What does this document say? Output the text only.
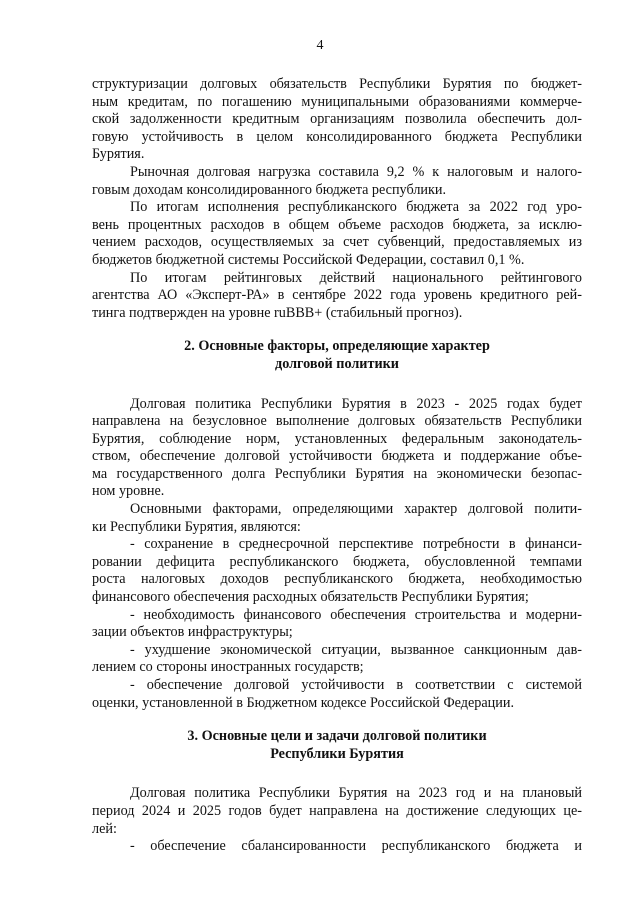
4
структуризации долговых обязательств Республики Бурятия по бюджет-
ным кредитам, по погашению муниципальными образованиями коммерче-
ской задолженности кредитным организациям позволила обеспечить дол-
говую устойчивость в целом консолидированного бюджета Республики
Бурятия.
Рыночная долговая нагрузка составила 9,2 % к налоговым и налого-
говым доходам консолидированного бюджета республики.
По итогам исполнения республиканского бюджета за 2022 год уро-
вень процентных расходов в общем объеме расходов бюджета, за исклю-
чением расходов, осуществляемых за счет субвенций, предоставляемых из
бюджетов бюджетной системы Российской Федерации, составил 0,1 %.
По итогам рейтинговых действий национального рейтингового
агентства АО «Эксперт-РА» в сентябре 2022 года уровень кредитного рей-
тинга подтвержден на уровне ruBBB+ (стабильный прогноз).
2. Основные факторы, определяющие характер
долговой политики
Долговая политика Республики Бурятия в 2023 - 2025 годах будет
направлена на безусловное выполнение долговых обязательств Республики
Бурятия, соблюдение норм, установленных федеральным законодатель-
ством, обеспечение долговой устойчивости бюджета и поддержание объе-
ма государственного долга Республики Бурятия на экономически безопас-
ном уровне.
Основными факторами, определяющими характер долговой полити-
ки Республики Бурятия, являются:
- сохранение в среднесрочной перспективе потребности в финанси-
ровании дефицита республиканского бюджета, обусловленной темпами
роста налоговых доходов республиканского бюджета, необходимостью
финансового обеспечения расходных обязательств Республики Бурятия;
- необходимость финансового обеспечения строительства и модерни-
зации объектов инфраструктуры;
- ухудшение экономической ситуации, вызванное санкционным дав-
лением со стороны иностранных государств;
- обеспечение долговой устойчивости в соответствии с системой
оценки, установленной в Бюджетном кодексе Российской Федерации.
3. Основные цели и задачи долговой политики
Республики Бурятия
Долговая политика Республики Бурятия на 2023 год и на плановый
период 2024 и 2025 годов будет направлена на достижение следующих це-
лей:
- обеспечение сбалансированности республиканского бюджета и
